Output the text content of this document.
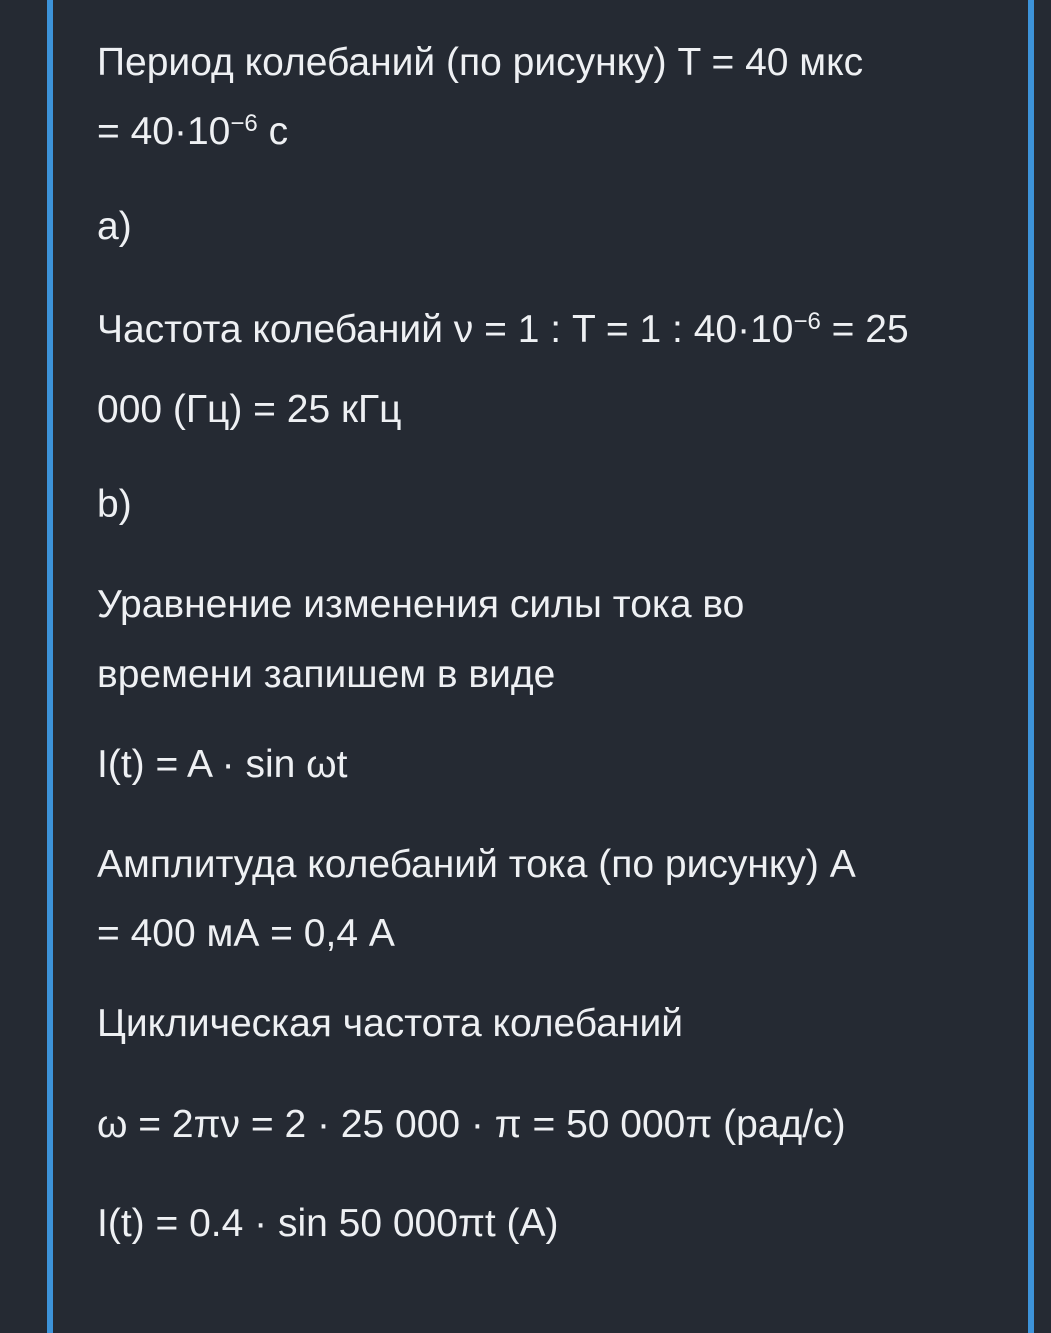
Период колебаний (по рисунку) T = 40 мкс
= $40\cdot 10^{-6}$ с
a)
Частота колебаний ν = 1 : T = 1 : $40\cdot 10^{-6} = 25$
000 (Гц) = 25 кГц
b)
Уравнение изменения силы тока во
времени запишем в виде
I(t) = A · sin ωt
Амплитуда колебаний тока (по рисунку) A
= 400 мА = 0,4 A
Циклическая частота колебаний
ω = 2πν = 2 · 25 000 · π = 50 000π (рад/с)
I(t) = 0.4 · sin 50 000πt (A)
